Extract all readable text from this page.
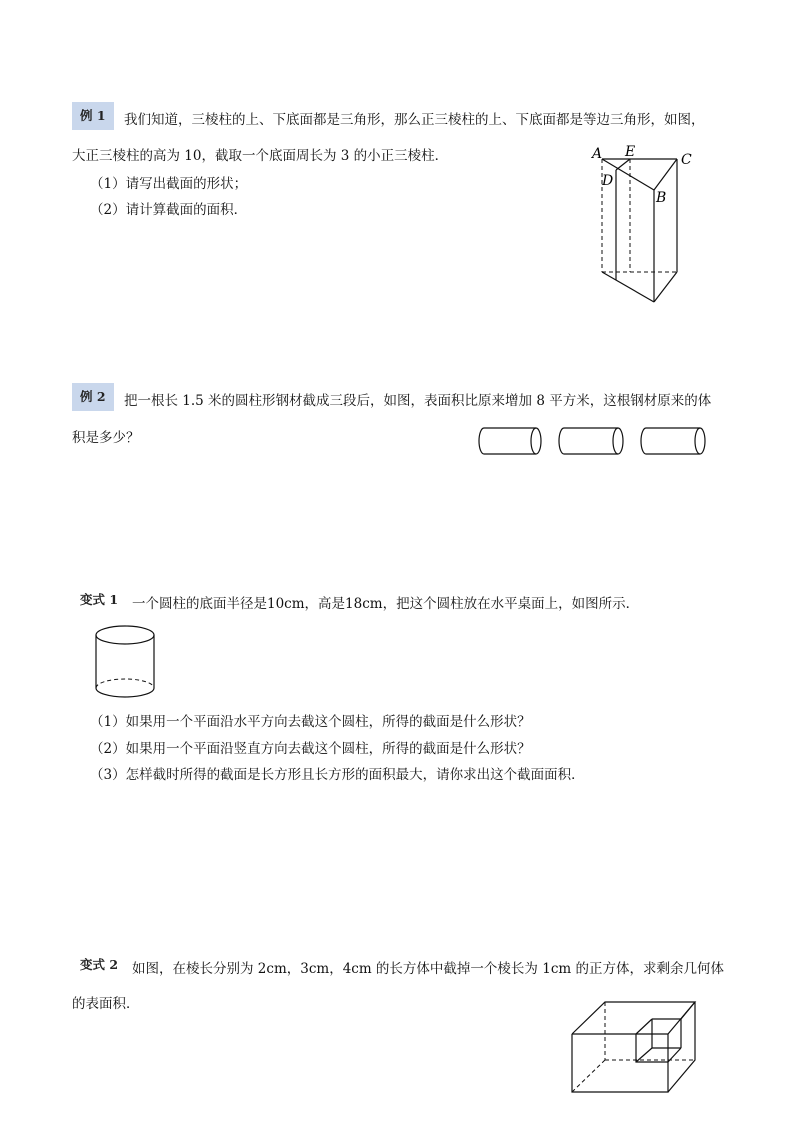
例 1	我们知道，三棱柱的上、下底面都是三角形，那么正三棱柱的上、下底面都是等边三角形，如图，
大正三棱柱的高为 10，截取一个底面周长为 3 的小正三棱柱．
（1）请写出截面的形状；
（2）请计算截面的面积．
A E	C
D
B
例 2	把一根长 1.5 米的圆柱形钢材截成三段后，如图，表面积比原来增加 8 平方米，这根钢材原来的体
积是多少？
变式 1	一个圆柱的底面半径是10cm，高是18cm，把这个圆柱放在水平桌面上，如图所示．
（1）如果用一个平面沿水平方向去截这个圆柱，所得的截面是什么形状？
（2）如果用一个平面沿竖直方向去截这个圆柱，所得的截面是什么形状？
（3）怎样截时所得的截面是长方形且长方形的面积最大，请你求出这个截面面积．
变式 2	如图，在棱长分别为 2cm，3cm，4cm 的长方体中截掉一个棱长为 1cm 的正方体，求剩余几何体
的表面积．
